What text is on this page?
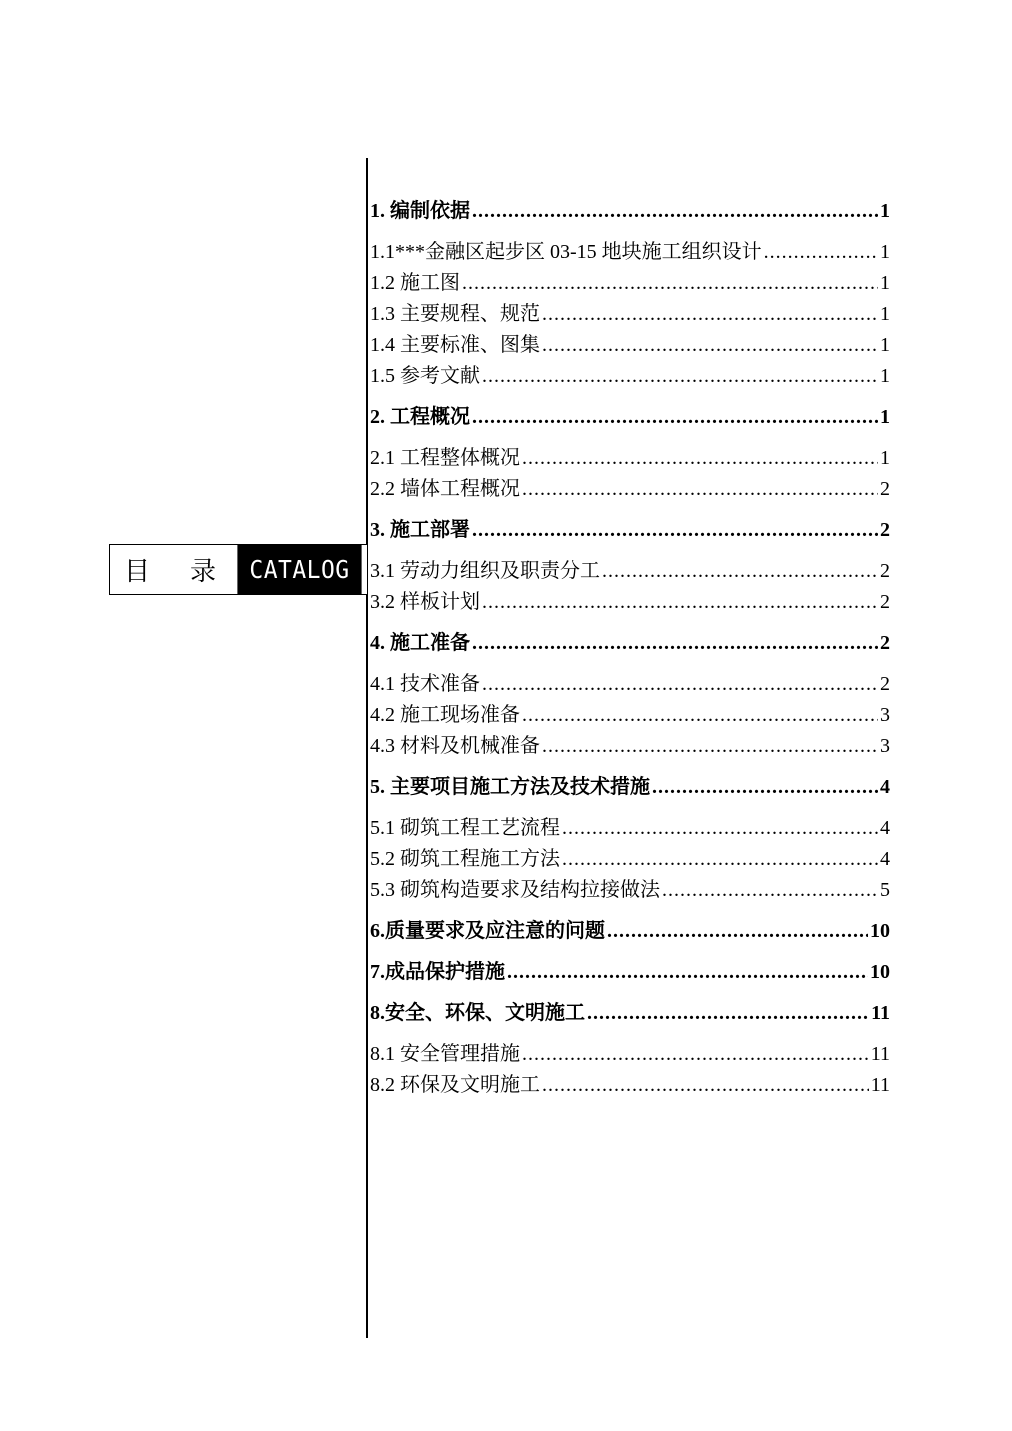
目 录	CATALOG
1. 编制依据 .....	1
1.1***金融区起步区 03-15 地块施工组织设计 .....	1
1.2 施工图 .....	1
1.3 主要规程、规范 .....	1
1.4 主要标准、图集 .....	1
1.5 参考文献 .....	1
2. 工程概况 .....	1
2.1 工程整体概况 .....	1
2.2 墙体工程概况 .....	2
3. 施工部署 .....	2
3.1 劳动力组织及职责分工 .....	2
3.2 样板计划 .....	2
4. 施工准备 .....	2
4.1 技术准备 .....	2
4.2 施工现场准备 .....	3
4.3 材料及机械准备 .....	3
5. 主要项目施工方法及技术措施 .....	4
5.1 砌筑工程工艺流程 .....	4
5.2 砌筑工程施工方法 .....	4
5.3 砌筑构造要求及结构拉接做法 .....	5
6.质量要求及应注意的问题 .....	10
7.成品保护措施 .....	10
8.安全、环保、文明施工 .....	11
8.1 安全管理措施 .....	11
8.2 环保及文明施工 .....	11
